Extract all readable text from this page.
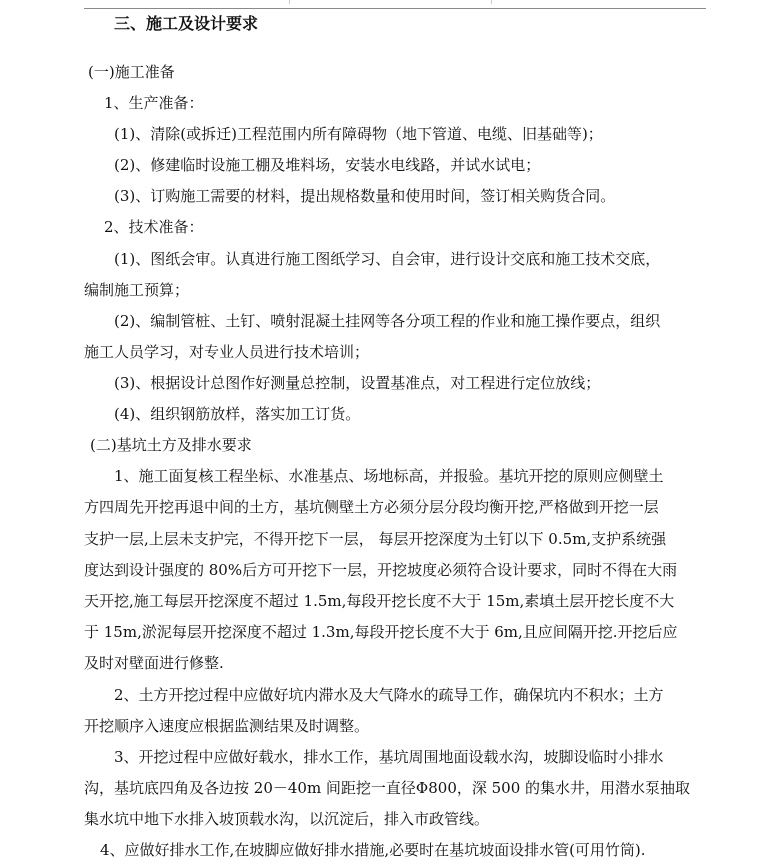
三、施工及设计要求
(一)施工准备
1、生产准备：
(1)、清除(或拆迁)工程范围内所有障碍物（地下管道、电缆、旧基础等)；
(2)、修建临时设施工棚及堆料场，安装水电线路，并试水试电；
(3)、订购施工需要的材料，提出规格数量和使用时间，签订相关购货合同。
2、技术准备：
(1)、图纸会审。认真进行施工图纸学习、自会审，进行设计交底和施工技术交底，
编制施工预算；
(2)、编制管桩、土钉、喷射混凝土挂网等各分项工程的作业和施工操作要点，组织
施工人员学习，对专业人员进行技术培训；
(3)、根据设计总图作好测量总控制，设置基准点，对工程进行定位放线；
(4)、组织钢筋放样，落实加工订货。
(二)基坑土方及排水要求
1、施工面复核工程坐标、水准基点、场地标高，并报验。基坑开挖的原则应侧壁土
方四周先开挖再退中间的土方，基坑侧壁土方必须分层分段均衡开挖,严格做到开挖一层
支护一层,上层未支护完，不得开挖下一层， 每层开挖深度为土钉以下 0.5m,支护系统强
度达到设计强度的 80%后方可开挖下一层，开挖坡度必须符合设计要求，同时不得在大雨
天开挖,施工每层开挖深度不超过 1.5m,每段开挖长度不大于 15m,素填土层开挖长度不大
于 15m,淤泥每层开挖深度不超过 1.3m,每段开挖长度不大于 6m,且应间隔开挖.开挖后应
及时对壁面进行修整.
2、土方开挖过程中应做好坑内滞水及大气降水的疏导工作，确保坑内不积水；土方
开挖顺序入速度应根据监测结果及时调整。
3、开挖过程中应做好载水，排水工作，基坑周围地面设载水沟，坡脚设临时小排水
沟，基坑底四角及各边按 20－40m 间距挖一直径Φ800，深 500 的集水井，用潜水泵抽取
集水坑中地下水排入坡顶载水沟，以沉淀后，排入市政管线。
4、应做好排水工作,在坡脚应做好排水措施,必要时在基坑坡面设排水管(可用竹筒).
